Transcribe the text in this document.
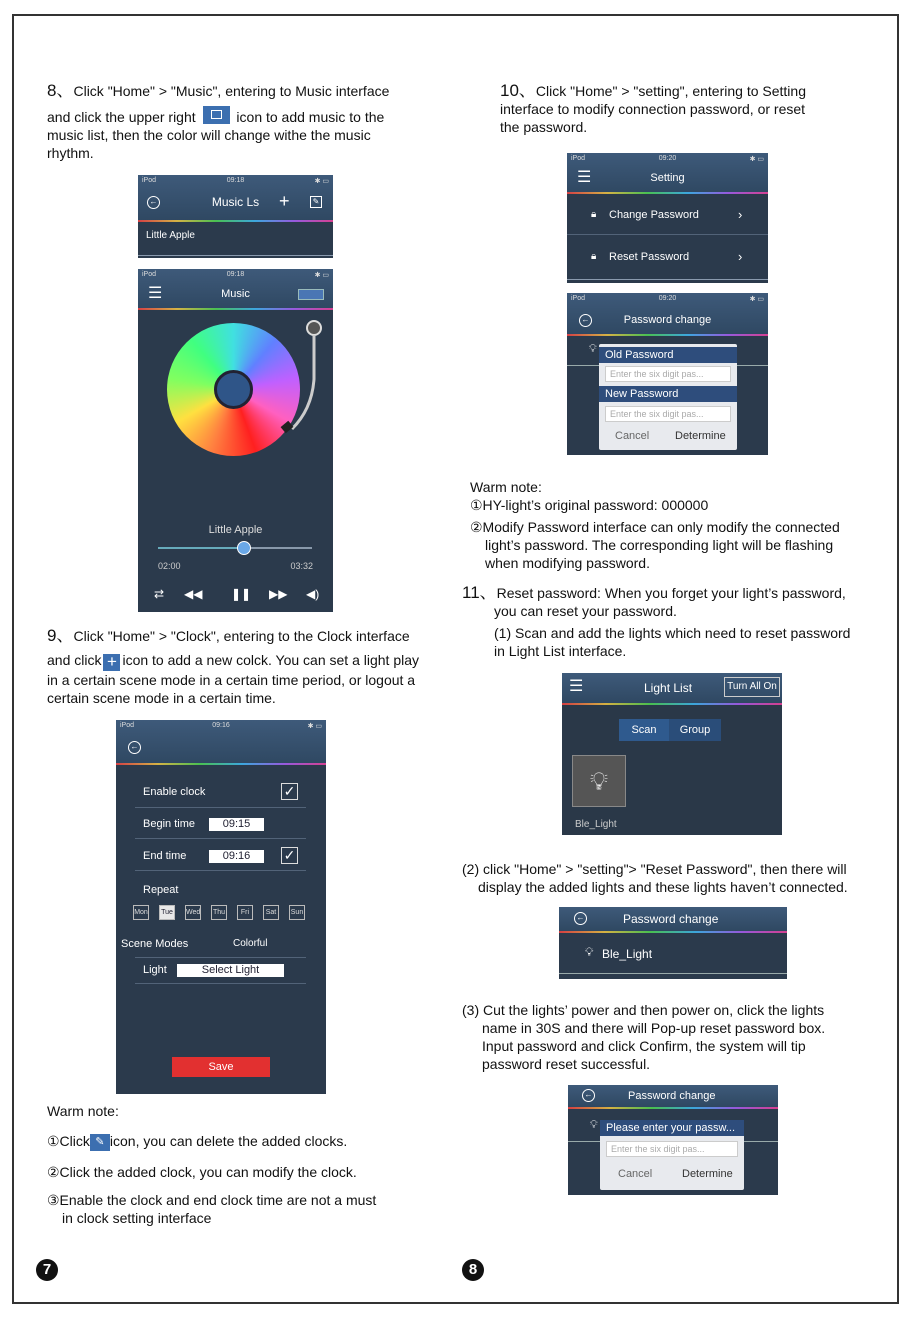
8、Click "Home" > "Music", entering to Music interface
and click the upper right	icon to add music to the
music list, then the color will change withe the music
rhythm.
iPod	09:18	✱ ▭
←	Music Ls	+	✎
Little Apple
iPod	09:18	✱ ▭
☰	Music
Little Apple
02:00	03:32
⇄ ◀◀ ❚❚ ▶▶ ◀)
9、Click "Home" > "Clock", entering to the Clock interface
and click + icon to add a new colck. You can set a light play
in a certain scene mode in a certain time period, or logout a
certain scene mode in a certain time.
iPod	09:16	✱ ▭
←
Enable clock	✓
Begin time	09:15
End time	09:16	✓
Repeat
Mon Tue Wed Thu	Fri	Sat	Sun
Scene Modes	Colorful
Light	Select Light
Save
Warm note:
①Click ✎ icon, you can delete the added clocks.
②Click the added clock, you can modify the clock.
③Enable the clock and end clock time are not a must
in clock setting interface
7
10、Click "Home" > "setting", entering to Setting
interface to modify connection password, or reset
the password.
iPod	09:20	✱ ▭
☰	Setting
🔒︎ Change Password	›
🔒︎ Reset Password	›
iPod	09:20	✱ ▭
←	Password change
💡︎ Old Password
Enter the six digit pas...
New Password
Enter the six digit pas...
Cancel Determine
Warm note:
①HY-light’s original password: 000000
②Modify Password interface can only modify the connected
light’s password. The corresponding light will be flashing
when modifying password.
11、Reset password: When you forget your light’s password,
you can reset your password.
(1) Scan and add the lights which need to reset password
in Light List interface.
☰	Light List	Turn All On
Scan	Group
💡︎
Ble_Light
(2) click "Home" > "setting"> "Reset Password", then there will
display the added lights and these lights haven’t connected.
←	Password change
💡︎ Ble_Light
(3) Cut the lights’ power and then power on, click the lights
name in 30S and there will Pop-up reset password box.
Input password and click Confirm, the system will tip
password reset successful.
←	Password change
💡︎ Please enter your passw...
Enter the six digit pas...
Cancel	Determine
8
